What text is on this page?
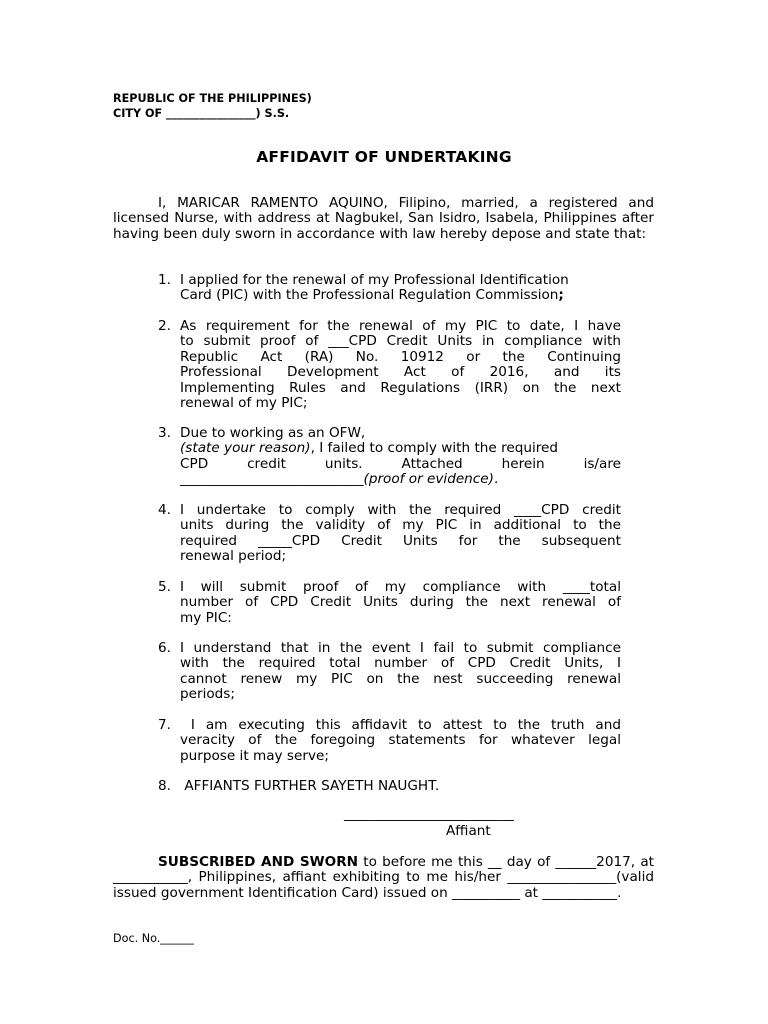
REPUBLIC OF THE PHILIPPINES)
CITY OF ________________) S.S.
AFFIDAVIT OF UNDERTAKING
I, MARICAR RAMENTO AQUINO, Filipino, married, a registered and licensed Nurse, with address at Nagbukel, San Isidro, Isabela, Philippines after having been duly sworn in accordance with law hereby depose and state that:
1. I applied for the renewal of my Professional Identification
Card (PIC) with the Professional Regulation Commission;
2. As requirement for the renewal of my PIC to date, I have
to submit proof of ___CPD Credit Units in compliance with
Republic Act (RA) No. 10912 or the Continuing
Professional Development Act of 2016, and its
Implementing Rules and Regulations (IRR) on the next
renewal of my PIC;
3. Due to working as an OFW,
(state your reason), I failed to comply with the required
CPD credit units. Attached herein is/are
___________________________(proof or evidence).
4. I undertake to comply with the required ____CPD credit
units during the validity of my PIC in additional to the
required _____CPD Credit Units for the subsequent
renewal period;
5. I will submit proof of my compliance with ____total
number of CPD Credit Units during the next renewal of
my PIC:
6. I understand that in the event I fail to submit compliance
with the required total number of CPD Credit Units, I
cannot renew my PIC on the nest succeeding renewal
periods;
7. I am executing this affidavit to attest to the truth and
veracity of the foregoing statements for whatever legal
purpose it may serve;
8. AFFIANTS FURTHER SAYETH NAUGHT.
_________________________
Affiant
SUBSCRIBED AND SWORN to before me this __ day of ______2017, at ___________, Philippines, affiant exhibiting to me his/her ________________(valid issued government Identification Card) issued on __________ at ___________.
Doc. No.______
